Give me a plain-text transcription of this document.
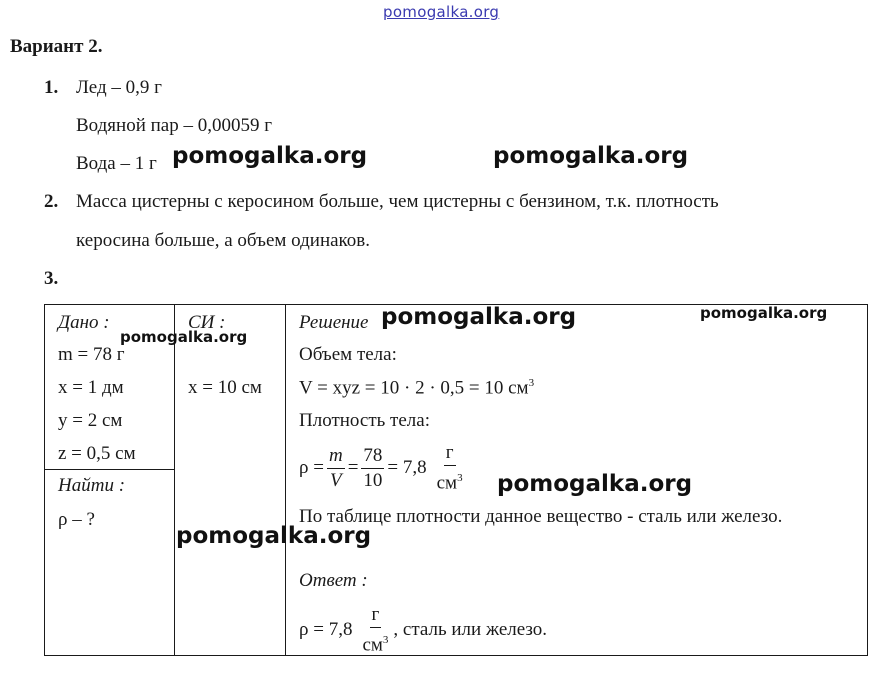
pomogalka.org
Вариант 2.
1. Лед – 0,9 г
Водяной пар – 0,00059 г
Вода – 1 г
2. Масса цистерны с керосином больше, чем цистерны с бензином, т.к. плотность
керосина больше, а объем одинаков.
3.
Дано :
m = 78 г
x = 1 дм
y = 2 см
z = 0,5 см
Найти :
ρ – ?
СИ :
x = 10 см
Решение
Объем тела:
V = xyz = 10 · 2 · 0,5 = 10 $см^3$
Плотность тела:
$\rho = \frac{m}{V} = \frac{78}{10} = 7,8 \frac{г}{см^3}$
По таблице плотности данное вещество - сталь или железо.
Ответ :
$\rho = 7,8 \frac{г}{см^3}$ , сталь или железо.
pomogalka.org	pomogalka.org
pomogalka.org	pomogalka.org
pomogalka.org
pomogalka.org
pomogalka.org
